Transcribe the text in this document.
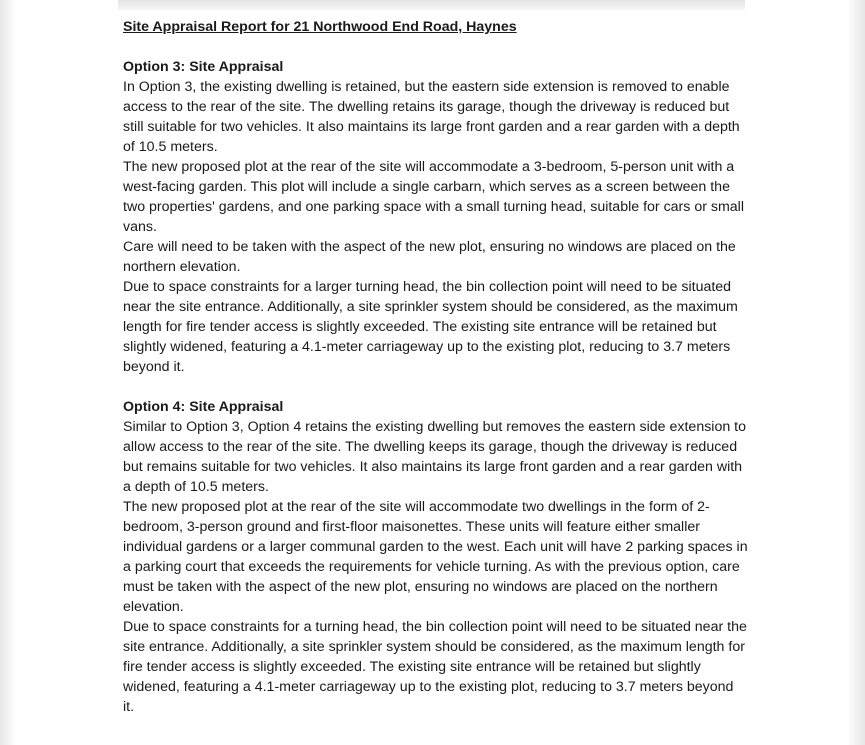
Site Appraisal Report for 21 Northwood End Road, Haynes
Option 3: Site Appraisal

In Option 3, the existing dwelling is retained, but the eastern side extension is removed to enable access to the rear of the site. The dwelling retains its garage, though the driveway is reduced but still suitable for two vehicles. It also maintains its large front garden and a rear garden with a depth of 10.5 meters.

The new proposed plot at the rear of the site will accommodate a 3-bedroom, 5-person unit with a west-facing garden. This plot will include a single carbarn, which serves as a screen between the two properties' gardens, and one parking space with a small turning head, suitable for cars or small vans.

Care will need to be taken with the aspect of the new plot, ensuring no windows are placed on the northern elevation.

Due to space constraints for a larger turning head, the bin collection point will need to be situated near the site entrance. Additionally, a site sprinkler system should be considered, as the maximum length for fire tender access is slightly exceeded. The existing site entrance will be retained but slightly widened, featuring a 4.1-meter carriageway up to the existing plot, reducing to 3.7 meters beyond it.

Option 4: Site Appraisal

Similar to Option 3, Option 4 retains the existing dwelling but removes the eastern side extension to allow access to the rear of the site. The dwelling keeps its garage, though the driveway is reduced but remains suitable for two vehicles. It also maintains its large front garden and a rear garden with a depth of 10.5 meters.

The new proposed plot at the rear of the site will accommodate two dwellings in the form of 2-bedroom, 3-person ground and first-floor maisonettes. These units will feature either smaller individual gardens or a larger communal garden to the west. Each unit will have 2 parking spaces in a parking court that exceeds the requirements for vehicle turning. As with the previous option, care must be taken with the aspect of the new plot, ensuring no windows are placed on the northern elevation.

Due to space constraints for a turning head, the bin collection point will need to be situated near the site entrance. Additionally, a site sprinkler system should be considered, as the maximum length for fire tender access is slightly exceeded. The existing site entrance will be retained but slightly widened, featuring a 4.1-meter carriageway up to the existing plot, reducing to 3.7 meters beyond it.
